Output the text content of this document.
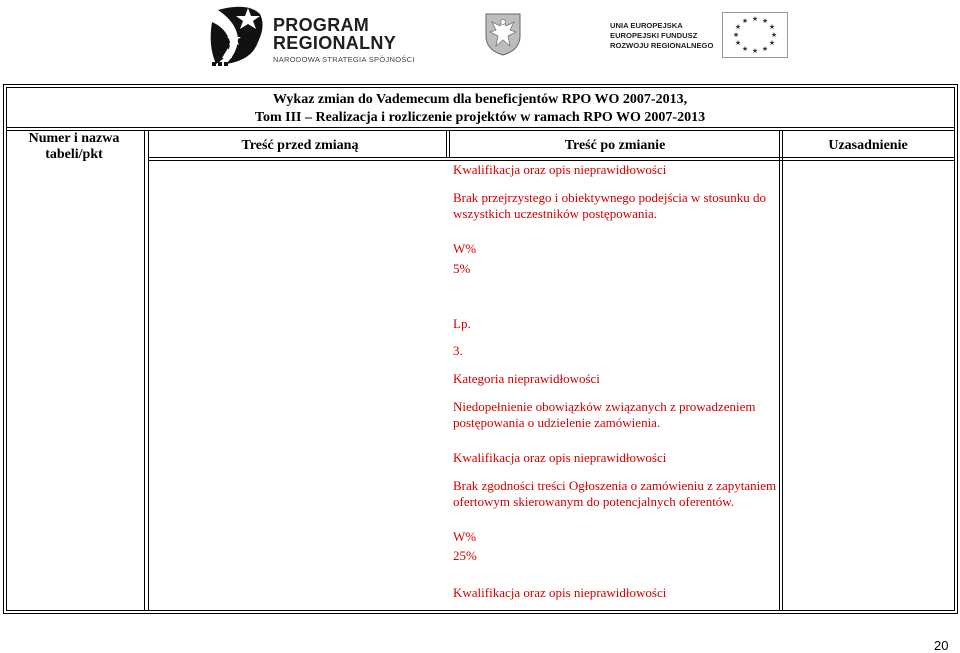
PROGRAM
REGIONALNY
NARODOWA STRATEGIA SPÓJNOŚCI
UNIA EUROPEJSKA
EUROPEJSKI FUNDUSZ
ROZWOJU REGIONALNEGO
★ ★
★
★
★
★
★
★
★
★
★
★
Wykaz zmian do Vademecum dla beneficjentów RPO WO 2007-2013,
Tom III – Realizacja i rozliczenie projektów w ramach RPO WO 2007-2013
Numer i nazwa
tabeli/pkt
Treść przed zmianą	Treść po zmianie	Uzasadnienie
Kwalifikacja oraz opis nieprawidłowości
Brak przejrzystego i obiektywnego podejścia w stosunku do
wszystkich uczestników postępowania.
W%
5%
Lp.
3.
Kategoria nieprawidłowości
Niedopełnienie obowiązków związanych z prowadzeniem
postępowania o udzielenie zamówienia.
Kwalifikacja oraz opis nieprawidłowości
Brak zgodności treści Ogłoszenia o zamówieniu z zapytaniem
ofertowym skierowanym do potencjalnych oferentów.
W%
25%
Kwalifikacja oraz opis nieprawidłowości
20
